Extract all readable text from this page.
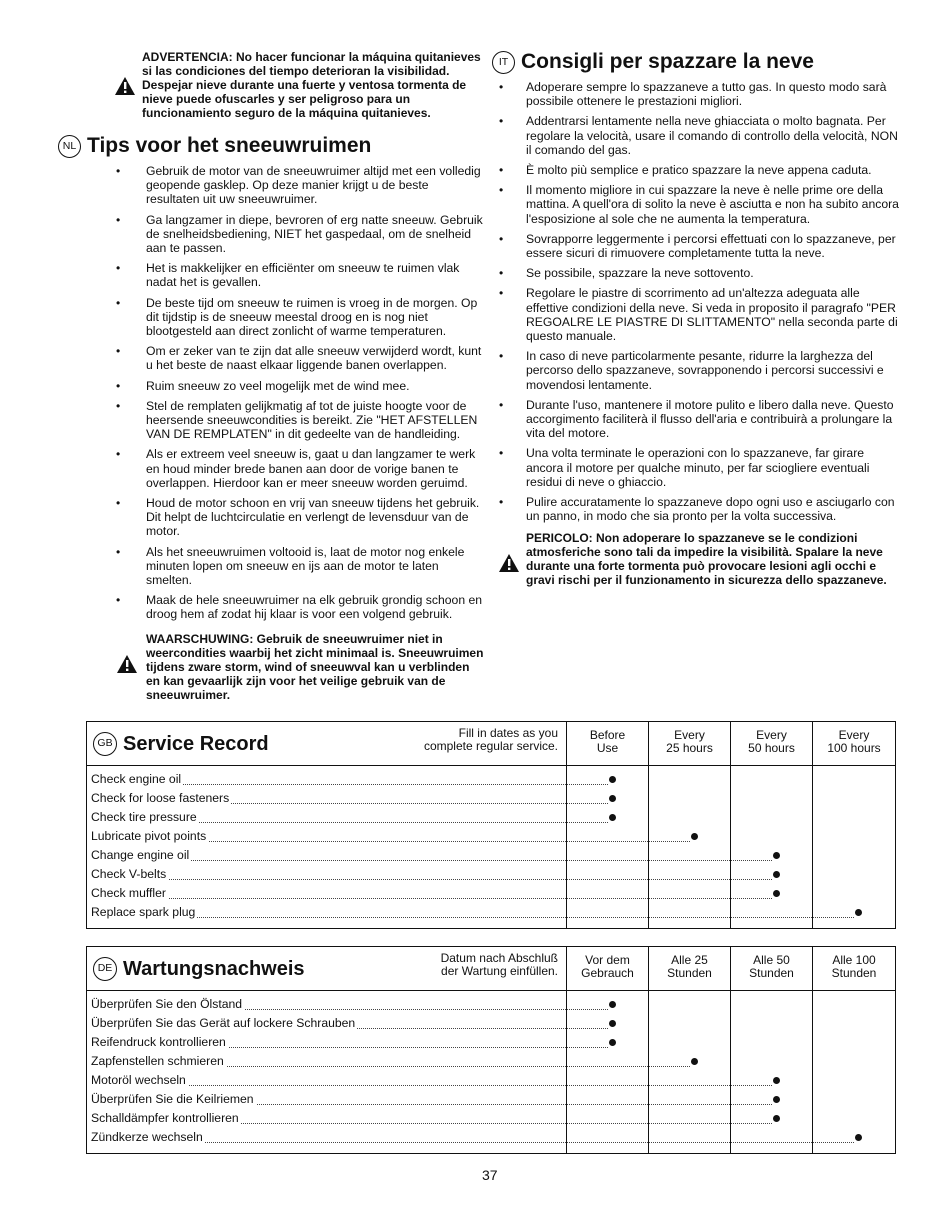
ADVERTENCIA: No hacer funcionar la máquina quitanieves si las condiciones del tiempo deterioran la visibilidad. Despejar nieve durante una fuerte y ventosa tormenta de nieve puede ofuscarles y ser peligroso para un funcionamiento seguro de la máquina quitanieves.
NL Tips voor het sneeuwruimen
• Gebruik de motor van de sneeuwruimer altijd met een volledig geopende gasklep. Op deze manier krijgt u de beste resultaten uit uw sneeuwruimer.
• Ga langzamer in diepe, bevroren of erg natte sneeuw. Gebruik de snelheidsbediening, NIET het gaspedaal, om de snelheid aan te passen.
• Het is makkelijker en efficiënter om sneeuw te ruimen vlak nadat het is gevallen.
• De beste tijd om sneeuw te ruimen is vroeg in de morgen. Op dit tijdstip is de sneeuw meestal droog en is nog niet blootgesteld aan direct zonlicht of warme temperaturen.
• Om er zeker van te zijn dat alle sneeuw verwijderd wordt, kunt u het beste de naast elkaar liggende banen overlappen.
• Ruim sneeuw zo veel mogelijk met de wind mee.
• Stel de remplaten gelijkmatig af tot de juiste hoogte voor de heersende sneeuwcondities is bereikt. Zie "HET AFSTELLEN VAN DE REMPLATEN" in dit gedeelte van de handleiding.
• Als er extreem veel sneeuw is, gaat u dan langzamer te werk en houd minder brede banen aan door de vorige banen te overlappen. Hierdoor kan er meer sneeuw worden geruimd.
• Houd de motor schoon en vrij van sneeuw tijdens het gebruik. Dit helpt de luchtcirculatie en verlengt de levensduur van de motor.
• Als het sneeuwruimen voltooid is, laat de motor nog enkele minuten lopen om sneeuw en ijs aan de motor te laten smelten.
• Maak de hele sneeuwruimer na elk gebruik grondig schoon en droog hem af zodat hij klaar is voor een volgend gebruik.
WAARSCHUWING: Gebruik de sneeuwruimer niet in weercondities waarbij het zicht minimaal is. Sneeuwruimen tijdens zware storm, wind of sneeuwval kan u verblinden en kan gevaarlijk zijn voor het veilige gebruik van de sneeuwruimer.
IT Consigli per spazzare la neve
• Adoperare sempre lo spazzaneve a tutto gas. In questo modo sarà possibile ottenere le prestazioni migliori.
• Addentrarsi lentamente nella neve ghiacciata o molto bagnata. Per regolare la velocità, usare il comando di controllo della velocità, NON il comando del gas.
• È molto più semplice e pratico spazzare la neve appena caduta.
• Il momento migliore in cui spazzare la neve è nelle prime ore della mattina. A quell'ora di solito la neve è asciutta e non ha subito ancora l'esposizione al sole che ne aumenta la temperatura.
• Sovrapporre leggermente i percorsi effettuati con lo spazzaneve, per essere sicuri di rimuovere completamente tutta la neve.
• Se possibile, spazzare la neve sottovento.
• Regolare le piastre di scorrimento ad un'altezza adeguata alle effettive condizioni della neve. Si veda in proposito il paragrafo "PER REGOALRE LE PIASTRE DI SLITTAMENTO" nella seconda parte di questo manuale.
• In caso di neve particolarmente pesante, ridurre la larghezza del percorso dello spazzaneve, sovrapponendo i percorsi successivi e movendosi lentamente.
• Durante l'uso, mantenere il motore pulito e libero dalla neve. Questo accorgimento faciliterà il flusso dell'aria e contribuirà a prolungare la vita del motore.
• Una volta terminate le operazioni con lo spazzaneve, far girare ancora il motore per qualche minuto, per far sciogliere eventuali residui di neve o ghiaccio.
• Pulire accuratamente lo spazzaneve dopo ogni uso e asciugarlo con un panno, in modo che sia pronto per la volta successiva.
PERICOLO: Non adoperare lo spazzaneve se le condizioni atmosferiche sono tali da impedire la visibilità. Spalare la neve durante una forte tormenta può provocare lesioni agli occhi e gravi rischi per il funzionamento in sicurezza dello spazzaneve.
GB Service Record	Fill in dates as you
complete regular service.
Before
Use
Every
25 hours
Every
50 hours
Every
100 hours
Check engine oil
Check for loose fasteners
Check tire pressure
Lubricate pivot points
Change engine oil
Check V-belts
Check muffler
Replace spark plug
DE Wartungsnachweis	Datum nach Abschluß
der Wartung einfüllen.
Vor dem
Gebrauch
Alle 25
Stunden
Alle 50
Stunden
Alle 100
Stunden
Überprüfen Sie den Ölstand
Überprüfen Sie das Gerät auf lockere Schrauben
Reifendruck kontrollieren
Zapfenstellen schmieren
Motoröl wechseln
Überprüfen Sie die Keilriemen
Schalldämpfer kontrollieren
Zündkerze wechseln
37
